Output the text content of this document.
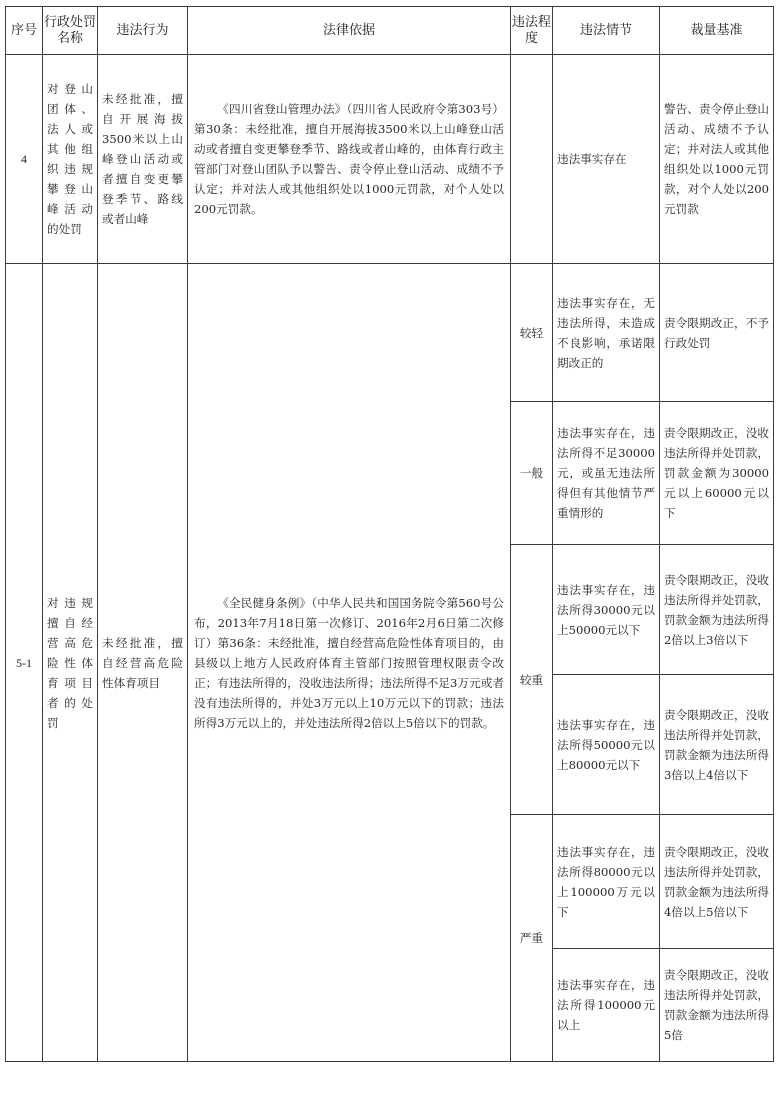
序号	行政处罚名称	违法行为	法律依据	违法程度	违法情节	裁量基准
4	对登山团体、法人或其他组织违规攀登山峰活动的处罚	未经批准，擅自开展海拔3500米以上山峰登山活动或者擅自变更攀登季节、路线或者山峰	《四川省登山管理办法》（四川省人民政府令第303号）第30条：未经批准，擅自开展海拔3500米以上山峰登山活动或者擅自变更攀登季节、路线或者山峰的，由体育行政主管部门对登山团队予以警告、责令停止登山活动、成绩不予认定；并对法人或其他组织处以1000元罚款，对个人处以200元罚款。		违法事实存在	警告、责令停止登山活动、成绩不予认定；并对法人或其他组织处以1000元罚款，对个人处以200元罚款
5-1	对违规擅自经营高危险性体育项目者的处罚	未经批准，擅自经营高危险性体育项目	《全民健身条例》（中华人民共和国国务院令第560号公布，2013年7月18日第一次修订、2016年2月6日第二次修订）第36条：未经批准，擅自经营高危险性体育项目的，由县级以上地方人民政府体育主管部门按照管理权限责令改正；有违法所得的，没收违法所得；违法所得不足3万元或者没有违法所得的，并处3万元以上10万元以下的罚款；违法所得3万元以上的，并处违法所得2倍以上5倍以下的罚款。	较轻	违法事实存在，无违法所得，未造成不良影响，承诺限期改正的	责令限期改正，不予行政处罚
				一般	违法事实存在，违法所得不足30000元，或虽无违法所得但有其他情节严重情形的	责令限期改正，没收违法所得并处罚款，罚款金额为30000元以上60000元以下
				较重	违法事实存在，违法所得30000元以上50000元以下	责令限期改正，没收违法所得并处罚款，罚款金额为违法所得2倍以上3倍以下
					违法事实存在，违法所得50000元以上80000元以下	责令限期改正，没收违法所得并处罚款，罚款金额为违法所得3倍以上4倍以下
				严重	违法事实存在，违法所得80000元以上100000万元以下	责令限期改正，没收违法所得并处罚款，罚款金额为违法所得4倍以上5倍以下
					违法事实存在，违法所得100000元以上	责令限期改正，没收违法所得并处罚款，罚款金额为违法所得5倍
